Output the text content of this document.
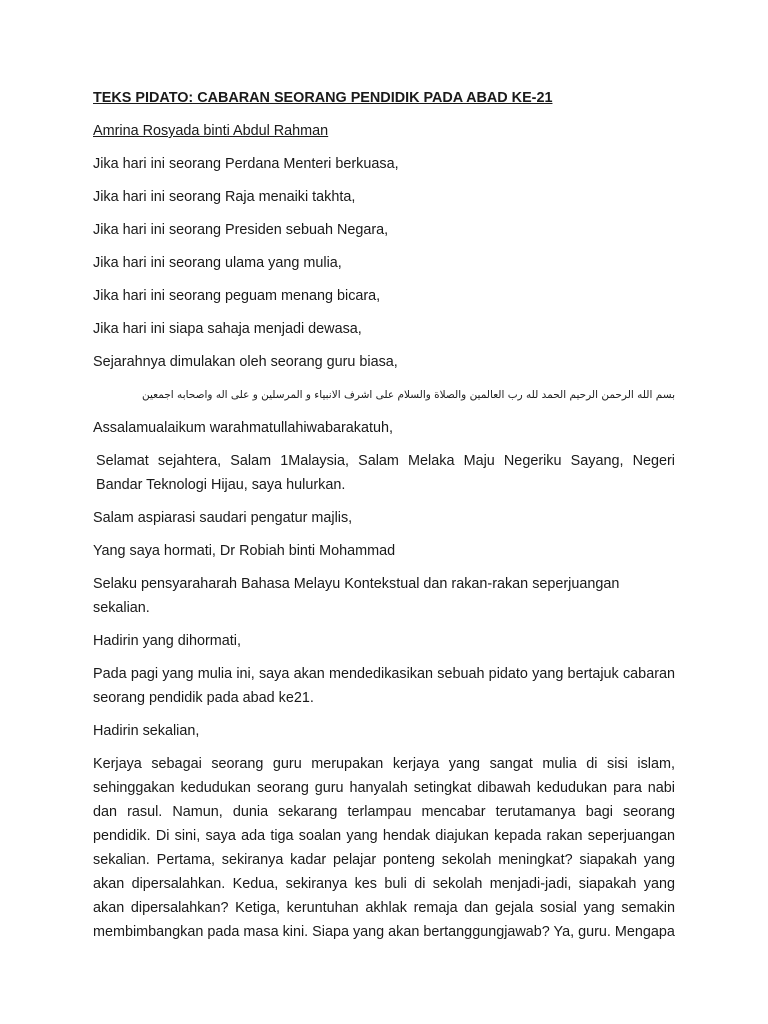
TEKS PIDATO: CABARAN SEORANG PENDIDIK PADA ABAD KE-21
Amrina Rosyada binti Abdul Rahman
Jika hari ini seorang Perdana Menteri berkuasa,
Jika hari ini seorang Raja menaiki takhta,
Jika hari ini seorang Presiden sebuah Negara,
Jika hari ini seorang ulama yang mulia,
Jika hari ini seorang peguam menang bicara,
Jika hari ini siapa sahaja menjadi dewasa,
Sejarahnya dimulakan oleh seorang guru biasa,
بسم الله الرحمن الرحيم الحمد لله رب العالمين والصلاة والسلام على اشرف الانبياء و المرسلين و على اله واصحابه اجمعين
Assalamualaikum warahmatullahiwabarakatuh,
Selamat sejahtera, Salam 1Malaysia, Salam Melaka Maju Negeriku Sayang, Negeri Bandar Teknologi Hijau, saya hulurkan.
Salam aspiarasi saudari pengatur majlis,
Yang saya hormati, Dr Robiah binti Mohammad
Selaku pensyaraharah Bahasa Melayu Kontekstual dan rakan-rakan seperjuangan sekalian.
Hadirin yang dihormati,
Pada pagi yang mulia ini, saya akan mendedikasikan sebuah pidato yang bertajuk cabaran seorang pendidik pada abad ke21.
Hadirin sekalian,
Kerjaya sebagai seorang guru merupakan kerjaya yang sangat mulia di sisi islam, sehinggakan kedudukan seorang guru hanyalah setingkat dibawah kedudukan para nabi dan rasul. Namun, dunia sekarang terlampau mencabar terutamanya bagi seorang pendidik. Di sini, saya ada tiga soalan yang hendak diajukan kepada rakan seperjuangan sekalian. Pertama, sekiranya kadar pelajar ponteng sekolah meningkat? siapakah yang akan dipersalahkan. Kedua, sekiranya kes buli di sekolah menjadi-jadi, siapakah yang akan dipersalahkan? Ketiga, keruntuhan akhlak remaja dan gejala sosial yang semakin membimbangkan pada masa kini. Siapa yang akan bertanggungjawab? Ya, guru. Mengapa
